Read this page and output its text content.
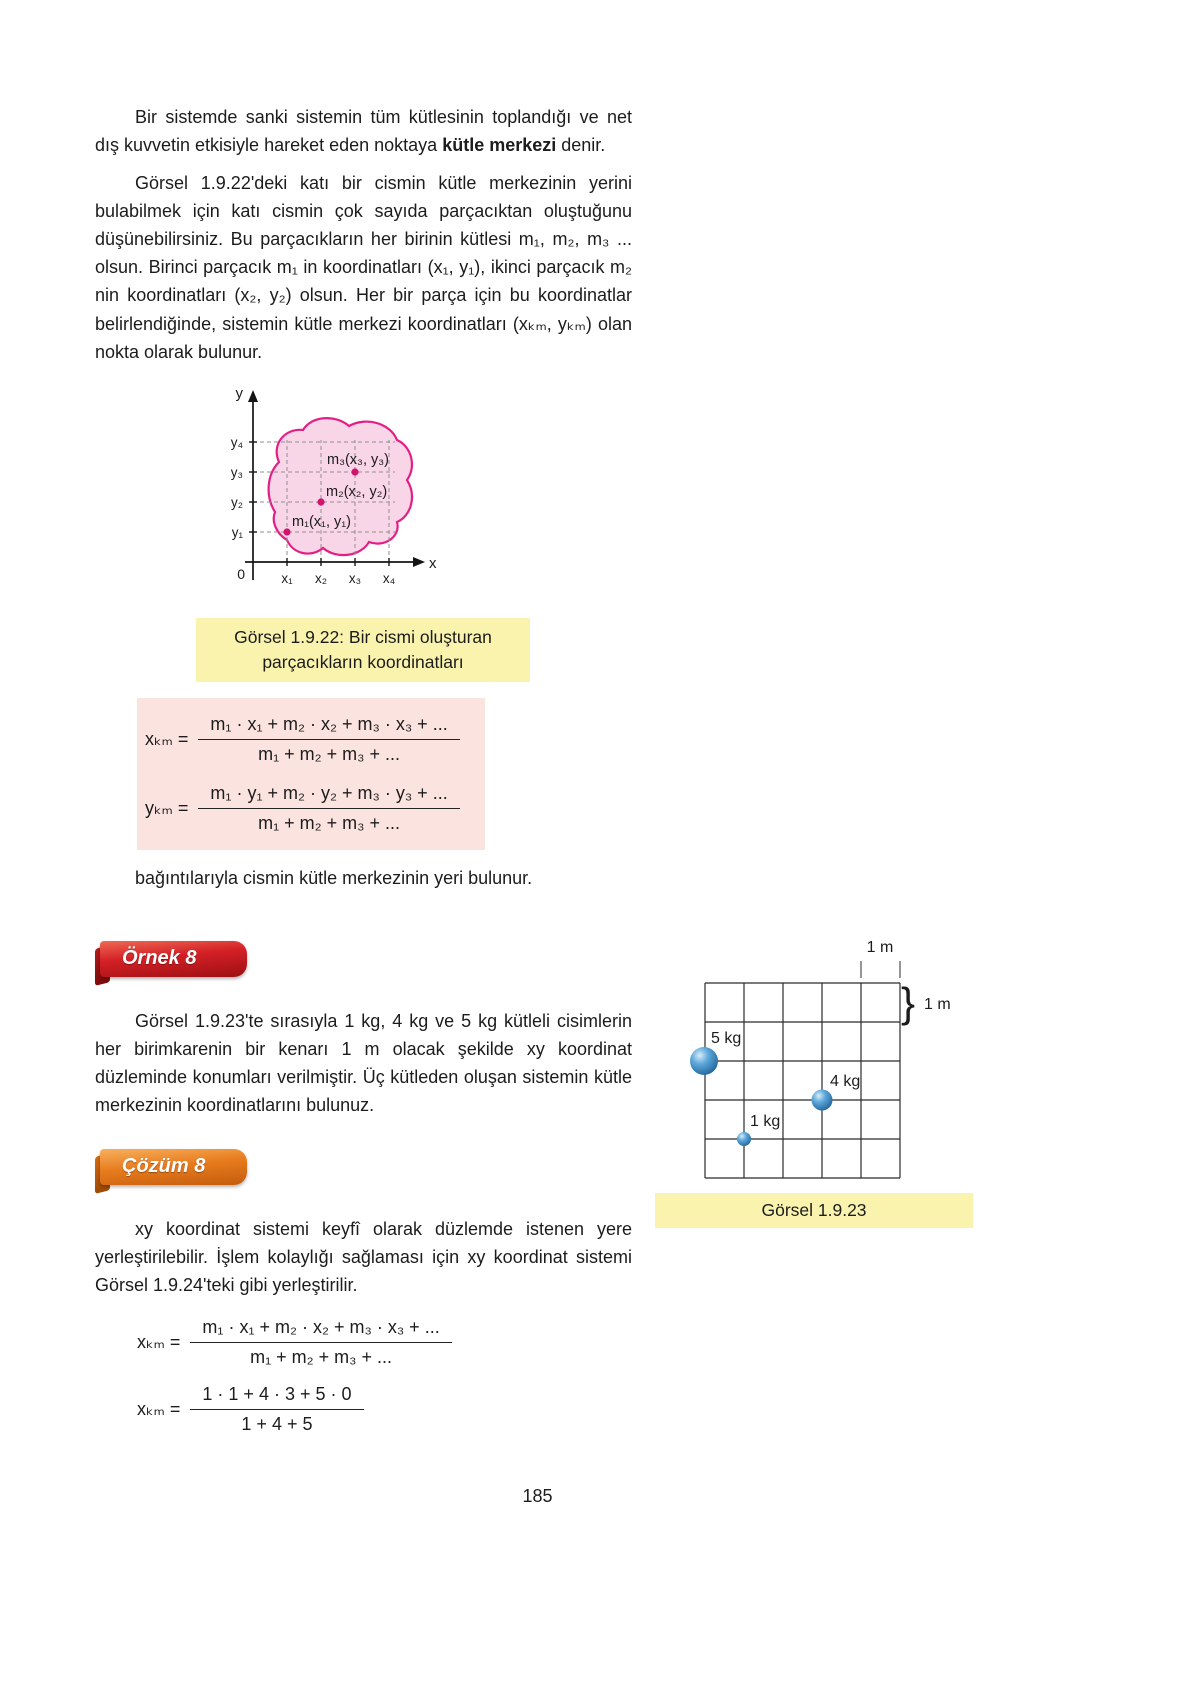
Bir sistemde sanki sistemin tüm kütlesinin toplandığı ve net dış kuvvetin etkisiyle hareket eden noktaya kütle merkezi denir.

Görsel 1.9.22'deki katı bir cismin kütle merkezinin yerini bulabilmek için katı cismin çok sayıda parçacıktan oluştuğunu düşünebilirsiniz. Bu parçacıkların her birinin kütlesi m₁, m₂, m₃ ... olsun. Birinci parçacık m₁ in koordinatları (x₁, y₁), ikinci parçacık m₂ nin koordinatları (x₂, y₂) olsun. Her bir parça için bu koordinatlar belirlendiğinde, sistemin kütle merkezi koordinatları (xₖₘ, yₖₘ) olan nokta olarak bulunur.

y
x
0
y₄
y₃
y₂
y₁
x₁ x₂ x₃ x₄
m₁(x₁, y₁)
m₂(x₂, y₂)
m₃(x₃, y₃)
Görsel 1.9.22: Bir cismi oluşturan
parçacıkların koordinatları
$x_{km} = \frac{\text{m₁ · x₁ + m₂ · x₂ + m₃ · x₃ + ...}}{\text{m₁ + m₂ + m₃ + ...}}$
$y_{km} = \frac{\text{m₁ · y₁ + m₂ · y₂ + m₃ · y₃ + ...}}{\text{m₁ + m₂ + m₃ + ...}}$

bağıntılarıyla cismin kütle merkezinin yeri bulunur.

Örnek 8

Görsel 1.9.23'te sırasıyla 1 kg, 4 kg ve 5 kg kütleli cisimlerin her birimkarenin bir kenarı 1 m olacak şekilde xy koordinat düzleminde konumları verilmiştir. Üç kütleden oluşan sistemin kütle merkezinin koordinatlarını bulunuz.

Çözüm 8

xy koordinat sistemi keyfî olarak düzlemde istenen yere yerleştirilebilir. İşlem kolaylığı sağlaması için xy koordinat sistemi Görsel 1.9.24'teki gibi yerleştirilir.

$x_{km} = \frac{\text{m₁ · x₁ + m₂ · x₂ + m₃ · x₃ + ...}}{\text{m₁ + m₂ + m₃ + ...}}$
$x_{km} = \frac{1 \cdot 1 + 4 \cdot 3 + 5 \cdot 0}{1 + 4 + 5}$
1 m
} 1 m
5 kg
4 kg
1 kg
Görsel 1.9.23
185
